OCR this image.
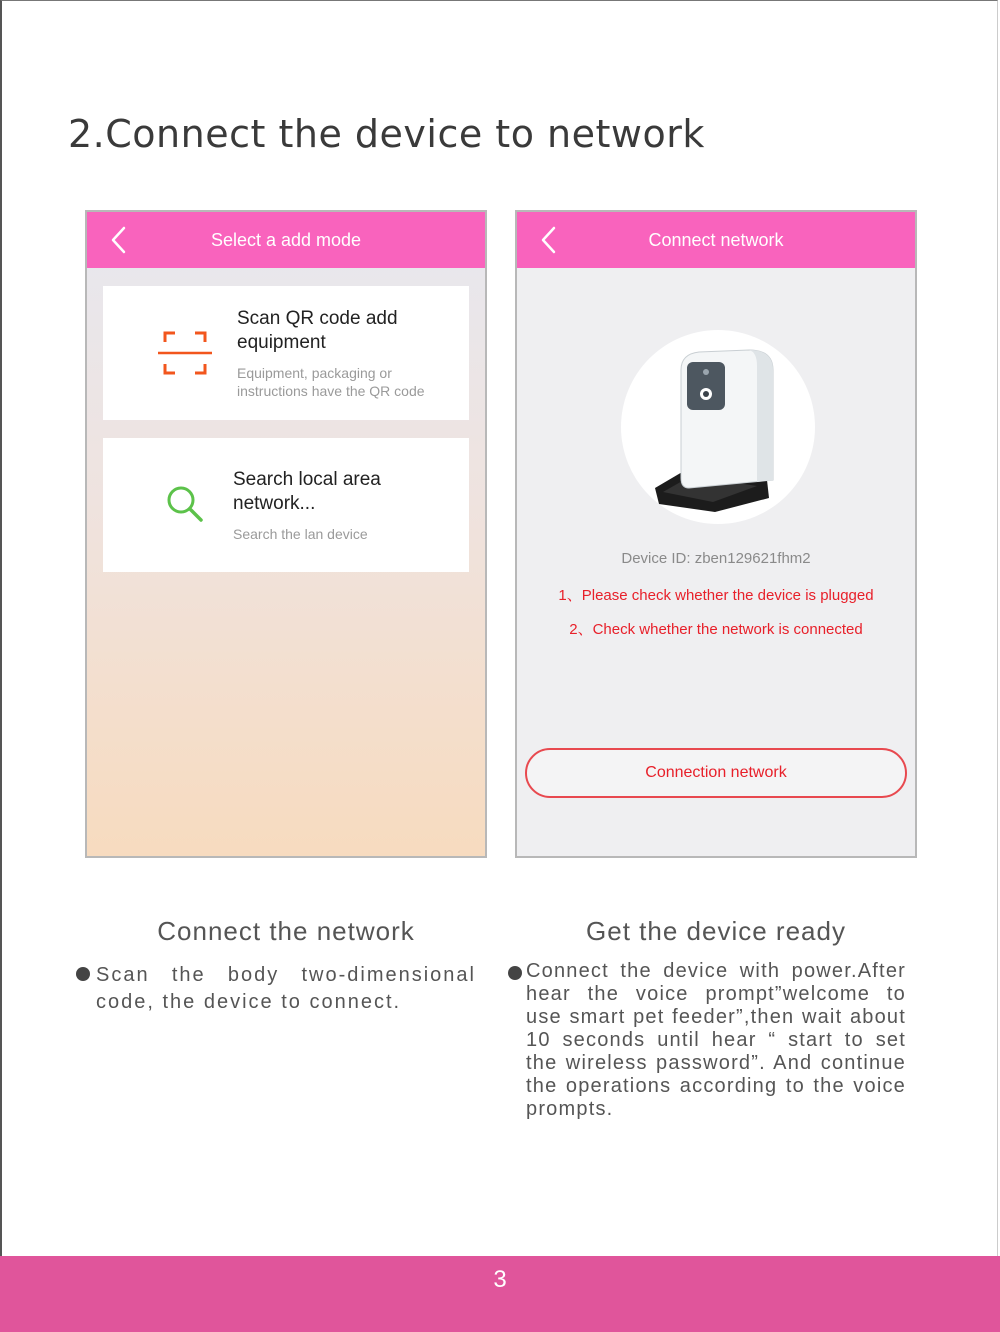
2.Connect the device to network
Select a add mode
Scan QR code add equipment
Equipment, packaging or instructions have the QR code
Search local area network...
Search the lan device
Connect network
Device ID: zben129621fhm2
1、Please check whether the device is plugged
2、Check whether the network is connected
Connection network
Connect the network	Get the device ready
Scan the body two-dimensional code, the device to connect.
Connect the device with power.After hear the voice prompt”welcome to use smart pet feeder”,then wait about 10 seconds until hear “ start to set the wireless password”. And continue the operations according to the voice prompts.
3
